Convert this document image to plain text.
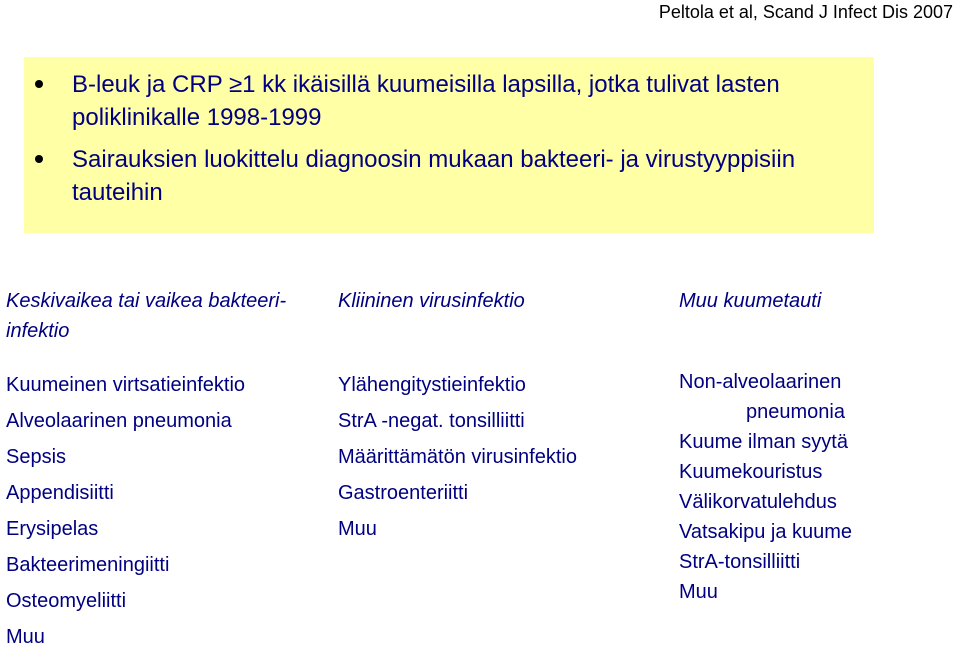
Peltola et al, Scand J Infect Dis 2007
B-leuk ja CRP ≥1 kk ikäisillä kuumeisilla lapsilla, jotka tulivat lasten poliklinikalle 1998-1999
Sairauksien luokittelu diagnoosin mukaan bakteeri- ja virustyyppisiin tauteihin
Keskivaikea tai vaikea bakteeri-infektio
Kuumeinen virtsatieinfektio
Alveolaarinen pneumonia
Sepsis
Appendisiitti
Erysipelas
Bakteerimeningiitti
Osteomyeliitti
Muu
Kliininen virusinfektio
Ylähengitystieinfektio
StrA -negat. tonsilliitti
Määrittämätön virusinfektio
Gastroenteriitti
Muu
Muu kuumetauti
Non-alveolaarinen
pneumonia
Kuume ilman syytä
Kuumekouristus
Välikorvatulehdus
Vatsakipu ja kuume
StrA-tonsilliitti
Muu
